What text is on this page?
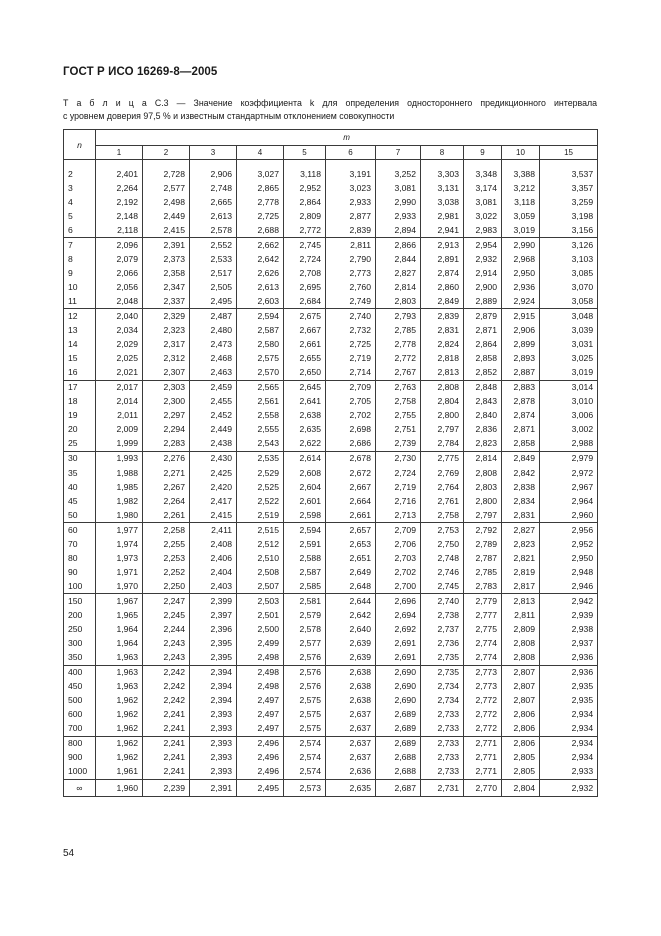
ГОСТ Р ИСО 16269-8—2005
Т а б л и ц а С.3 — Значение коэффициента k для определения одностороннего предикционного интервала
с уровнем доверия 97,5 % и известным стандартным отклонением совокупности
n	m										
	1	2	3	4	5	6	7	8	9	10	15

2	2,401	2,728	2,906	3,027	3,118	3,191	3,252	3,303	3,348	3,388	3,537
3	2,264	2,577	2,748	2,865	2,952	3,023	3,081	3,131	3,174	3,212	3,357
4	2,192	2,498	2,665	2,778	2,864	2,933	2,990	3,038	3,081	3,118	3,259
5	2,148	2,449	2,613	2,725	2,809	2,877	2,933	2,981	3,022	3,059	3,198
6	2,118	2,415	2,578	2,688	2,772	2,839	2,894	2,941	2,983	3,019	3,156
7	2,096	2,391	2,552	2,662	2,745	2,811	2,866	2,913	2,954	2,990	3,126
8	2,079	2,373	2,533	2,642	2,724	2,790	2,844	2,891	2,932	2,968	3,103
9	2,066	2,358	2,517	2,626	2,708	2,773	2,827	2,874	2,914	2,950	3,085
10	2,056	2,347	2,505	2,613	2,695	2,760	2,814	2,860	2,900	2,936	3,070
11	2,048	2,337	2,495	2,603	2,684	2,749	2,803	2,849	2,889	2,924	3,058
12	2,040	2,329	2,487	2,594	2,675	2,740	2,793	2,839	2,879	2,915	3,048
13	2,034	2,323	2,480	2,587	2,667	2,732	2,785	2,831	2,871	2,906	3,039
14	2,029	2,317	2,473	2,580	2,661	2,725	2,778	2,824	2,864	2,899	3,031
15	2,025	2,312	2,468	2,575	2,655	2,719	2,772	2,818	2,858	2,893	3,025
16	2,021	2,307	2,463	2,570	2,650	2,714	2,767	2,813	2,852	2,887	3,019
17	2,017	2,303	2,459	2,565	2,645	2,709	2,763	2,808	2,848	2,883	3,014
18	2,014	2,300	2,455	2,561	2,641	2,705	2,758	2,804	2,843	2,878	3,010
19	2,011	2,297	2,452	2,558	2,638	2,702	2,755	2,800	2,840	2,874	3,006
20	2,009	2,294	2,449	2,555	2,635	2,698	2,751	2,797	2,836	2,871	3,002
25	1,999	2,283	2,438	2,543	2,622	2,686	2,739	2,784	2,823	2,858	2,988
30	1,993	2,276	2,430	2,535	2,614	2,678	2,730	2,775	2,814	2,849	2,979
35	1,988	2,271	2,425	2,529	2,608	2,672	2,724	2,769	2,808	2,842	2,972
40	1,985	2,267	2,420	2,525	2,604	2,667	2,719	2,764	2,803	2,838	2,967
45	1,982	2,264	2,417	2,522	2,601	2,664	2,716	2,761	2,800	2,834	2,964
50	1,980	2,261	2,415	2,519	2,598	2,661	2,713	2,758	2,797	2,831	2,960
60	1,977	2,258	2,411	2,515	2,594	2,657	2,709	2,753	2,792	2,827	2,956
70	1,974	2,255	2,408	2,512	2,591	2,653	2,706	2,750	2,789	2,823	2,952
80	1,973	2,253	2,406	2,510	2,588	2,651	2,703	2,748	2,787	2,821	2,950
90	1,971	2,252	2,404	2,508	2,587	2,649	2,702	2,746	2,785	2,819	2,948
100	1,970	2,250	2,403	2,507	2,585	2,648	2,700	2,745	2,783	2,817	2,946
150	1,967	2,247	2,399	2,503	2,581	2,644	2,696	2,740	2,779	2,813	2,942
200	1,965	2,245	2,397	2,501	2,579	2,642	2,694	2,738	2,777	2,811	2,939
250	1,964	2,244	2,396	2,500	2,578	2,640	2,692	2,737	2,775	2,809	2,938
300	1,964	2,243	2,395	2,499	2,577	2,639	2,691	2,736	2,774	2,808	2,937
350	1,963	2,243	2,395	2,498	2,576	2,639	2,691	2,735	2,774	2,808	2,936
400	1,963	2,242	2,394	2,498	2,576	2,638	2,690	2,735	2,773	2,807	2,936
450	1,963	2,242	2,394	2,498	2,576	2,638	2,690	2,734	2,773	2,807	2,935
500	1,962	2,242	2,394	2,497	2,575	2,638	2,690	2,734	2,772	2,807	2,935
600	1,962	2,241	2,393	2,497	2,575	2,637	2,689	2,733	2,772	2,806	2,934
700	1,962	2,241	2,393	2,497	2,575	2,637	2,689	2,733	2,772	2,806	2,934
800	1,962	2,241	2,393	2,496	2,574	2,637	2,689	2,733	2,771	2,806	2,934
900	1,962	2,241	2,393	2,496	2,574	2,637	2,688	2,733	2,771	2,805	2,934
1000	1,961	2,241	2,393	2,496	2,574	2,636	2,688	2,733	2,771	2,805	2,933
∞	1,960	2,239	2,391	2,495	2,573	2,635	2,687	2,731	2,770	2,804	2,932
54
